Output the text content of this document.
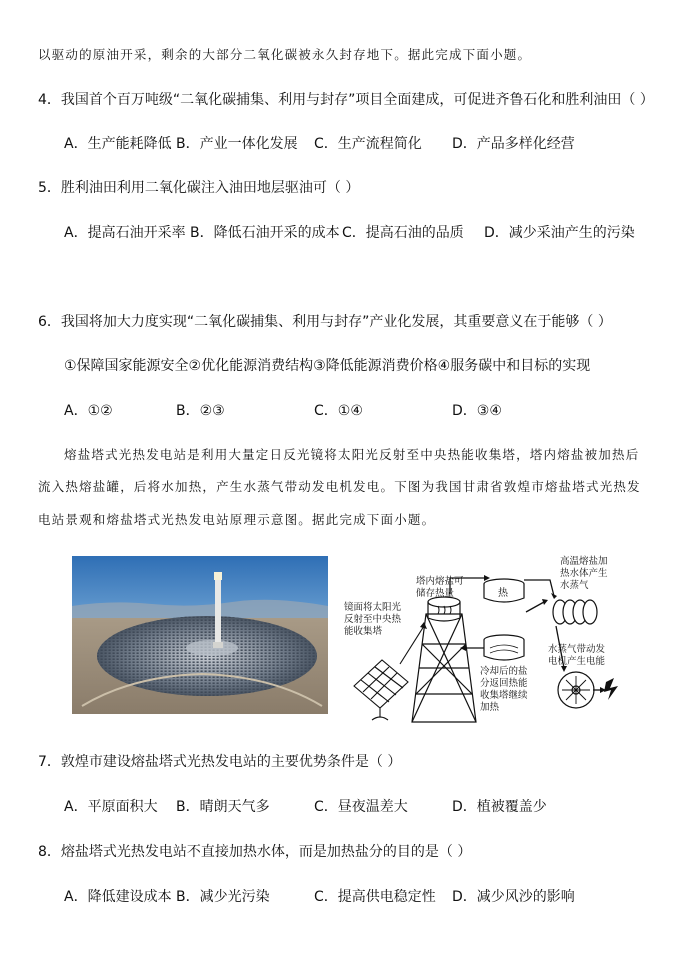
以驱动的原油开采，剩余的大部分二氧化碳被永久封存地下。据此完成下面小题。
4．我国首个百万吨级“二氧化碳捕集、利用与封存”项目全面建成，可促进齐鲁石化和胜利油田（ ）
A．生产能耗降低 B．产业一体化发展 C．生产流程简化 D．产品多样化经营
5．胜利油田利用二氧化碳注入油田地层驱油可（ ）
A．提高石油开采率 B．降低石油开采的成本 C．提高石油的品质 D．减少采油产生的污染
6．我国将加大力度实现“二氧化碳捕集、利用与封存”产业化发展，其重要意义在于能够（ ）
①保障国家能源安全②优化能源消费结构③降低能源消费价格④服务碳中和目标的实现
A．①②	B．②③	C．①④	D．③④
熔盐塔式光热发电站是利用大量定日反光镜将太阳光反射至中央热能收集塔，塔内熔盐被加热后
流入热熔盐罐，后将水加热，产生水蒸气带动发电机发电。下图为我国甘肃省敦煌市熔盐塔式光热发
电站景观和熔盐塔式光热发电站原理示意图。据此完成下面小题。
镜面将太阳光
反射至中央热
能收集塔
塔内熔盐可
储存热量	热
冷却后的盐
分返回热能
收集塔继续
加热
高温熔盐加
热水体产生
水蒸气
水蒸气带动发
电机产生电能
7．敦煌市建设熔盐塔式光热发电站的主要优势条件是（ ）
A．平原面积大 B．晴朗天气多	C．昼夜温差大	D．植被覆盖少
8．熔盐塔式光热发电站不直接加热水体，而是加热盐分的目的是（ ）
A．降低建设成本 B．减少光污染	C．提高供电稳定性 D．减少风沙的影响
